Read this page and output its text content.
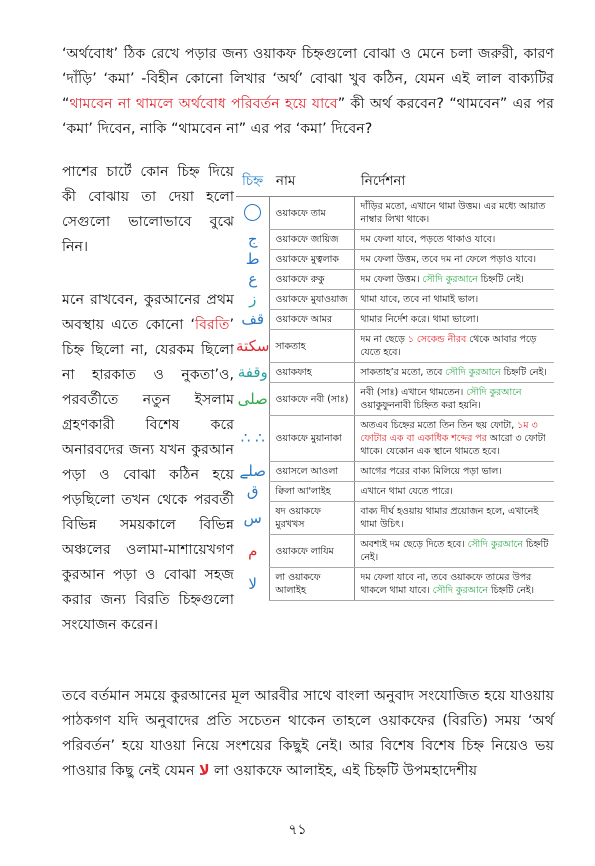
‘অর্থবোধ’ ঠিক রেখে পড়ার জন্য ওয়াকফ চিহ্নগুলো বোঝা ও মেনে চলা জরুরী, কারণ ‘দাঁড়ি’ ‘কমা’ -বিহীন কোনো লিখার ‘অর্থ’ বোঝা খুব কঠিন, যেমন এই লাল বাক্যটির “থামবেন না থামলে অর্থবোধ পরিবর্তন হয়ে যাবে” কী অর্থ করবেন? “থামবেন” এর পর ‘কমা’ দিবেন, নাকি “থামবেন না” এর পর ‘কমা’ দিবেন?

পাশের চার্টে কোন চিহ্ন দিয়ে কী বোঝায় তা দেয়া হলো সেগুলো ভালোভাবে বুঝে নিন।

মনে রাখবেন, কুরআনের প্রথম অবস্থায় এতে কোনো ‘বিরতি’ চিহ্ন ছিলো না, যেরকম ছিলো না হারকাত ও নুকতা’ও, পরবর্তীতে নতুন ইসলাম গ্রহণকারী বিশেষ করে অনারবদের জন্য যখন কুরআন পড়া ও বোঝা কঠিন হয়ে পড়ছিলো তখন থেকে পরবর্তী বিভিন্ন সময়কালে বিভিন্ন অঞ্চলের ওলামা-মাশায়েখগণ কুরআন পড়া ও বোঝা সহজ করার জন্য বিরতি চিহ্নগুলো সংযোজন করেন।

চিহ্ন	নাম	নির্দেশনা
	ওয়াকফে তাম	দাঁড়ির মতো, এখানে থামা উত্তম। এর মধ্যে আয়াত নাম্বার লিখা থাকে।
ج	ওয়াকফে জায়িজ	দম ফেলা যাবে, পড়তে থাকাও যাবে।
ط	ওয়াকফে মুত্বলাক	দম ফেলা উত্তম, তবে দম না ফেলে পড়াও যাবে।
ع	ওয়াকফে রুকু	দম ফেলা উত্তম। সৌদি কুরআনে চিহ্নটি নেই।
ز	ওয়াকফে মুযাওয়াজ	থামা যাবে, তবে না থামাই ভাল।
قف	ওয়াকফে আমর	থামার নির্দেশ করে। থামা ভালো।
سكتة	সাকতাহ	দম না ছেড়ে ১ সেকেন্ড নীরব থেকে আবার পড়ে যেতে হবে।
وقفة	ওয়াকফাহ	সাকতাহ’র মতো, তবে সৌদি কুরআনে চিহ্নটি নেই।
صلى	ওয়াকফে নবী (সাঃ)	নবী (সাঃ) এখানে থামতেন। সৌদি কুরআনে ওয়াকুফুননাবী চিহ্নিত করা হয়নি।
∴ ∴	ওয়াকফে মুয়ানাকা	অতএব চিহ্নের মতো তিন তিন ছয় ফোটা, ১ম ৩ ফোটার এক বা একাধিক শব্দের পর আরো ৩ ফোটা থাকে। যেকোন এক স্থানে থামতে হবে।
صلے	ওয়াসলে আওলা	আগের পরের বাক্য মিলিয়ে পড়া ভাল।
ق	ক্বিলা আ'লাইহ	এখানে থামা যেতে পারে।
س	ষদ ওয়াকফে মুরখখস	বাক্য দীর্ঘ হওয়ায় থামার প্রয়োজন হলে, এখানেই থামা উচিৎ।
م	ওয়াকফে লাযিম	অবশ্যই দম ছেড়ে দিতে হবে। সৌদি কুরআনে চিহ্নটি নেই।
لا	লা ওয়াকফে আলাইহ	দম ফেলা যাবে না, তবে ওয়াকফে তামের উপর থাকলে থামা যাবে। সৌদি কুরআনে চিহ্নটি নেই।

তবে বর্তমান সময়ে কুরআনের মূল আরবীর সাথে বাংলা অনুবাদ সংযোজিত হয়ে যাওয়ায় পাঠকগণ যদি অনুবাদের প্রতি সচেতন থাকেন তাহলে ওয়াকফের (বিরতি) সময় ‘অর্থ পরিবর্তন’ হয়ে যাওয়া নিয়ে সংশয়ের কিছুই নেই। আর বিশেষ বিশেষ চিহ্ন নিয়েও ভয় পাওয়ার কিছু নেই যেমন لا লা ওয়াকফে আলাইহ, এই চিহ্নটি উপমহাদেশীয়

৭১
